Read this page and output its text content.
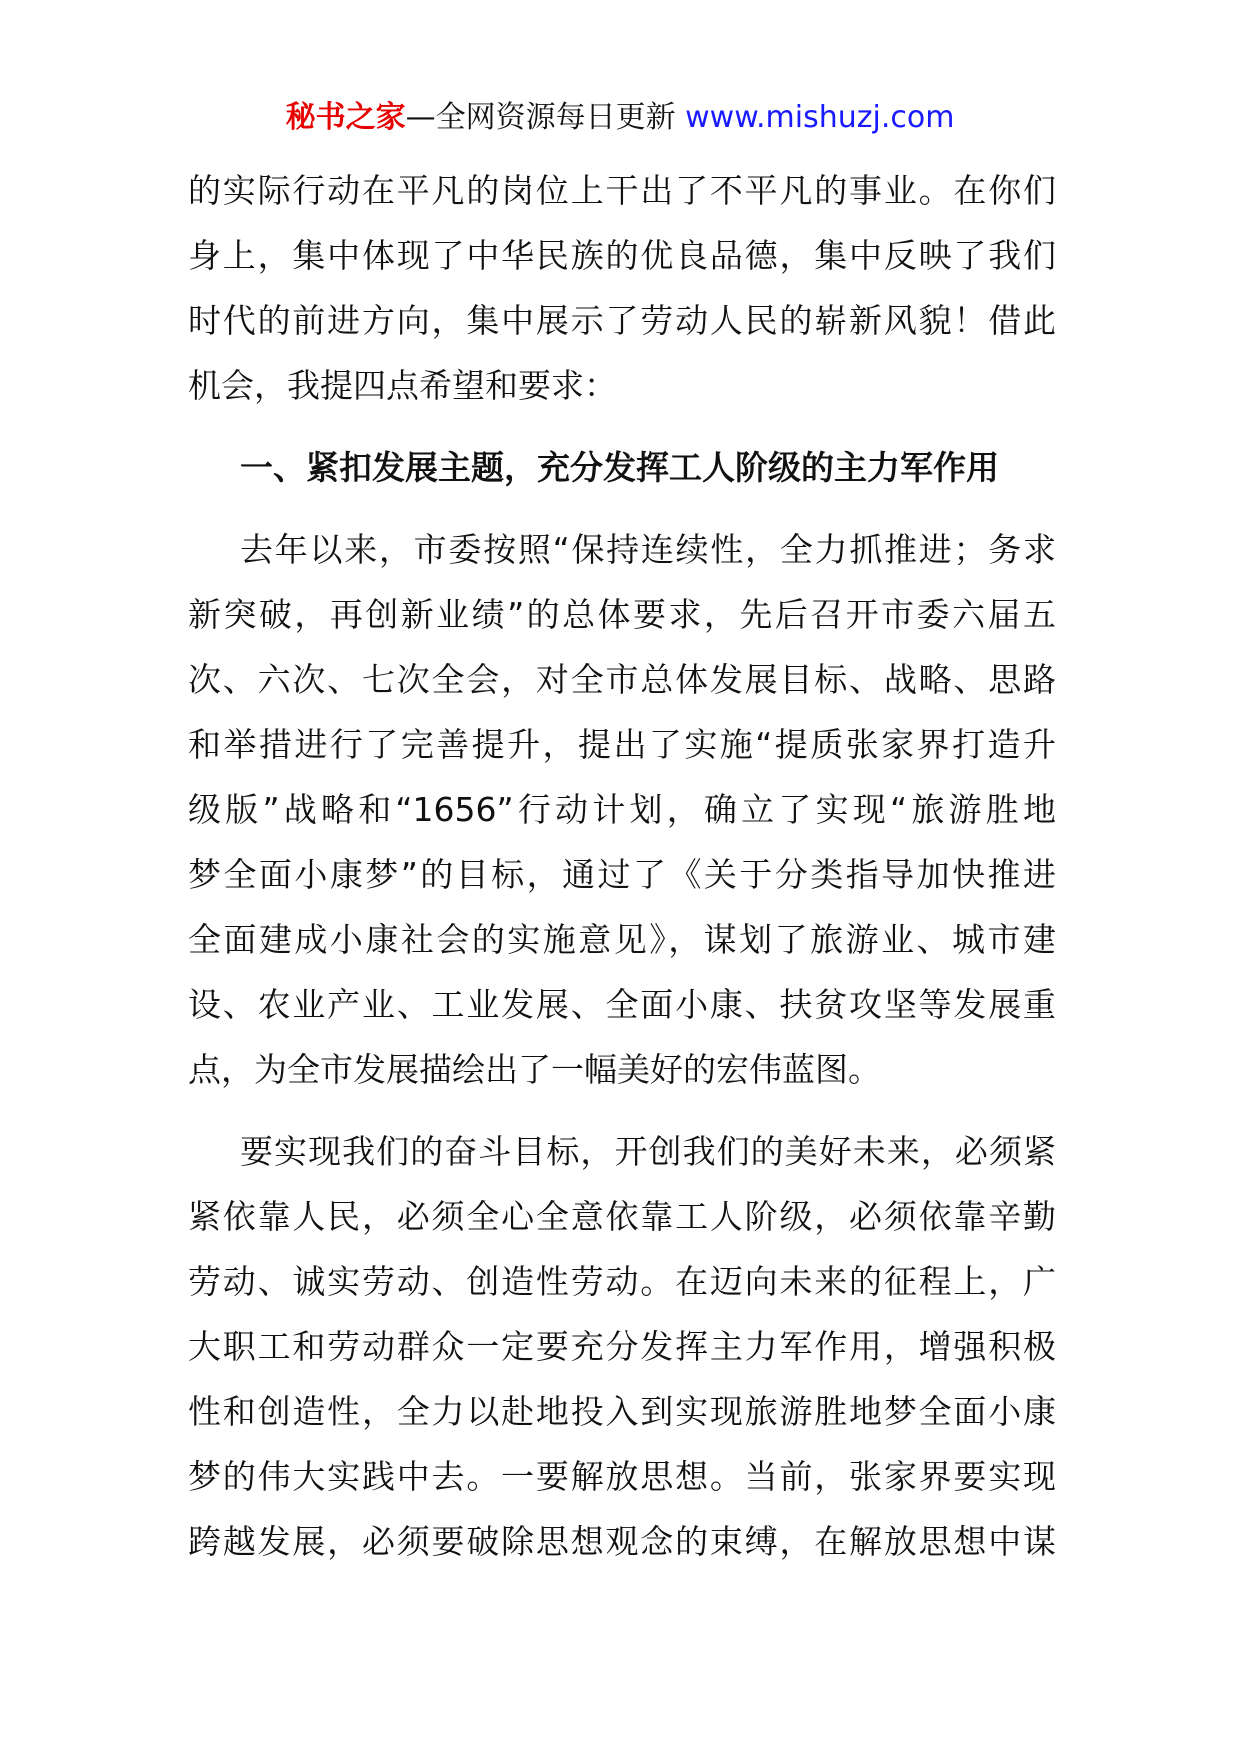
秘书之家—全网资源每日更新 www.mishuzj.com
的实际行动在平凡的岗位上干出了不平凡的事业。在你们
身上，集中体现了中华民族的优良品德，集中反映了我们
时代的前进方向，集中展示了劳动人民的崭新风貌！借此
机会，我提四点希望和要求：
一、紧扣发展主题，充分发挥工人阶级的主力军作用
去年以来，市委按照“保持连续性，全力抓推进；务求
新突破，再创新业绩”的总体要求，先后召开市委六届五
次、六次、七次全会，对全市总体发展目标、战略、思路
和举措进行了完善提升，提出了实施“提质张家界打造升
级版”战略和“1656”行动计划，确立了实现“旅游胜地
梦全面小康梦”的目标，通过了《关于分类指导加快推进
全面建成小康社会的实施意见》，谋划了旅游业、城市建
设、农业产业、工业发展、全面小康、扶贫攻坚等发展重
点，为全市发展描绘出了一幅美好的宏伟蓝图。
要实现我们的奋斗目标，开创我们的美好未来，必须紧
紧依靠人民，必须全心全意依靠工人阶级，必须依靠辛勤
劳动、诚实劳动、创造性劳动。在迈向未来的征程上，广
大职工和劳动群众一定要充分发挥主力军作用，增强积极
性和创造性，全力以赴地投入到实现旅游胜地梦全面小康
梦的伟大实践中去。一要解放思想。当前，张家界要实现
跨越发展，必须要破除思想观念的束缚，在解放思想中谋
